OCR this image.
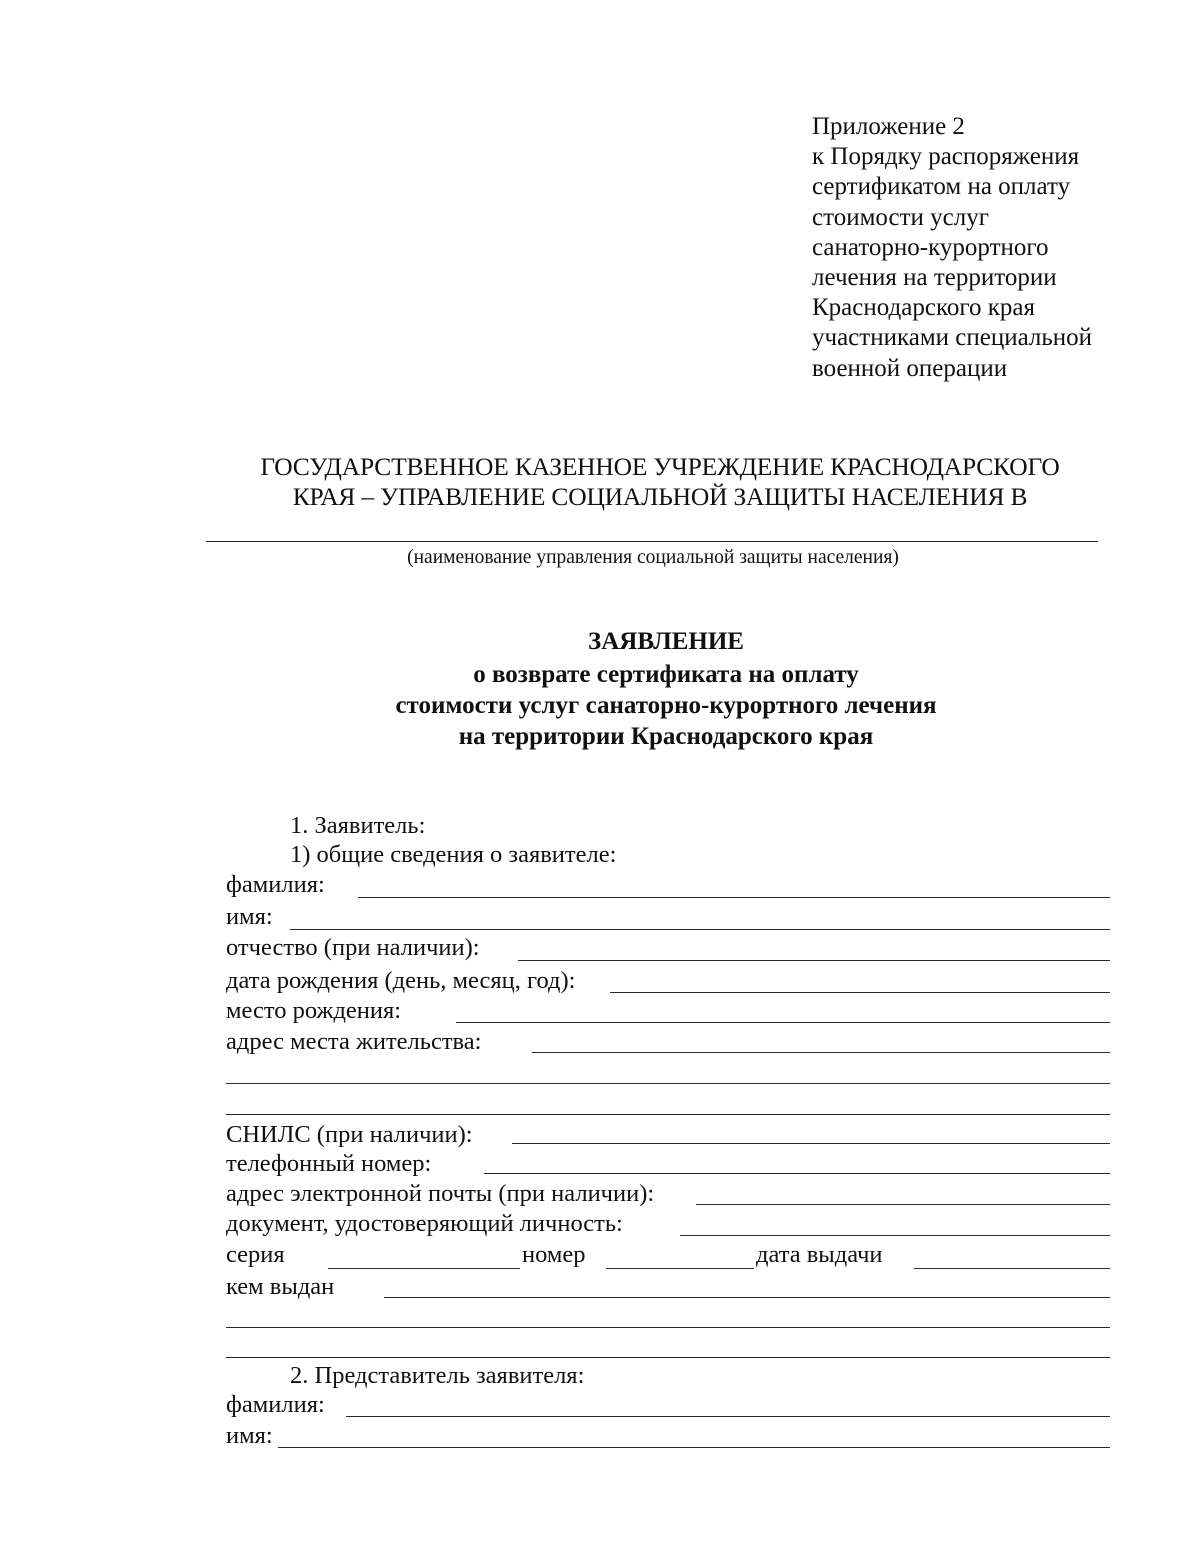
Приложение 2
к Порядку распоряжения
сертификатом на оплату
стоимости услуг
санаторно-курортного
лечения на территории
Краснодарского края
участниками специальной
военной операции
ГОСУДАРСТВЕННОЕ КАЗЕННОЕ УЧРЕЖДЕНИЕ КРАСНОДАРСКОГО
КРАЯ – УПРАВЛЕНИЕ СОЦИАЛЬНОЙ ЗАЩИТЫ НАСЕЛЕНИЯ В
(наименование управления социальной защиты населения)
ЗАЯВЛЕНИЕ
о возврате сертификата на оплату
стоимости услуг санаторно-курортного лечения
на территории Краснодарского края
1. Заявитель:
1) общие сведения о заявителе:
фамилия:
имя:
отчество (при наличии):
дата рождения (день, месяц, год):
место рождения:
адрес места жительства:
СНИЛС (при наличии):
телефонный номер:
адрес электронной почты (при наличии):
документ, удостоверяющий личность:
серия	номер	дата выдачи
кем выдан
2. Представитель заявителя:
фамилия:
имя:
